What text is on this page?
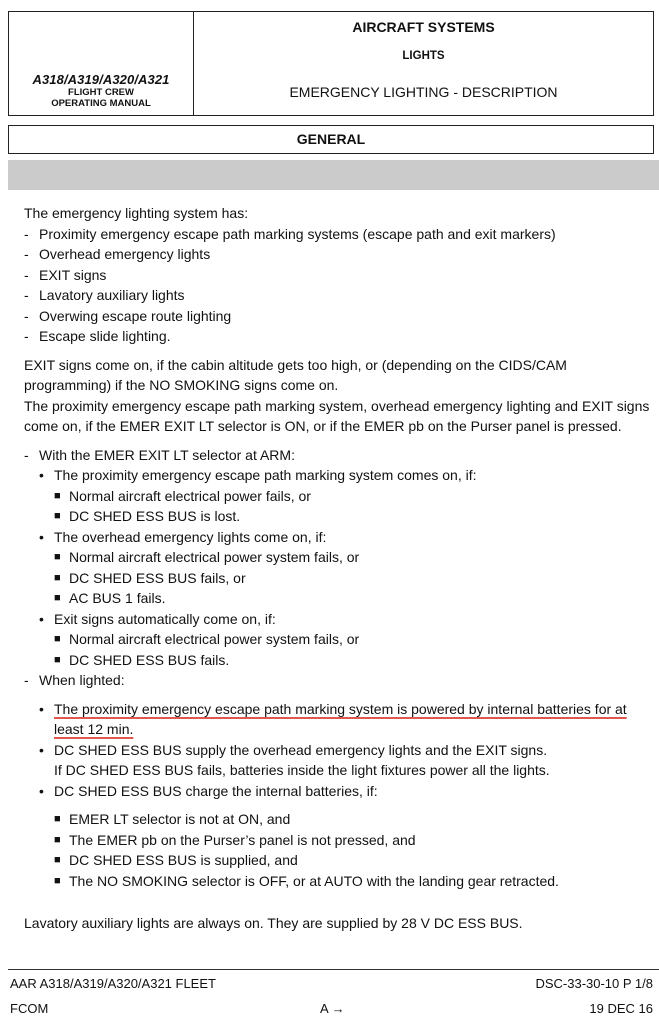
A318/A319/A320/A321
FLIGHT CREW
OPERATING MANUAL
AIRCRAFT SYSTEMS
LIGHTS
EMERGENCY LIGHTING - DESCRIPTION
GENERAL

The emergency lighting system has:

- Proximity emergency escape path marking systems (escape path and exit markers)

- Overhead emergency lights

- EXIT signs

- Lavatory auxiliary lights

- Overwing escape route lighting

- Escape slide lighting.

EXIT signs come on, if the cabin altitude gets too high, or (depending on the CIDS/CAM

programming) if the NO SMOKING signs come on.

The proximity emergency escape path marking system, overhead emergency lighting and EXIT signs

come on, if the EMER EXIT LT selector is ON, or if the EMER pb on the Purser panel is pressed.

- With the EMER EXIT LT selector at ARM:

• The proximity emergency escape path marking system comes on, if:

■ Normal aircraft electrical power fails, or

■ DC SHED ESS BUS is lost.

• The overhead emergency lights come on, if:

■ Normal aircraft electrical power system fails, or

■ DC SHED ESS BUS fails, or

■ AC BUS 1 fails.

• Exit signs automatically come on, if:

■ Normal aircraft electrical power system fails, or

■ DC SHED ESS BUS fails.

- When lighted:

• The proximity emergency escape path marking system is powered by internal batteries for at

least 12 min.

• DC SHED ESS BUS supply the overhead emergency lights and the EXIT signs.

If DC SHED ESS BUS fails, batteries inside the light fixtures power all the lights.

• DC SHED ESS BUS charge the internal batteries, if:

■ EMER LT selector is not at ON, and

■ The EMER pb on the Purser’s panel is not pressed, and

■ DC SHED ESS BUS is supplied, and

■ The NO SMOKING selector is OFF, or at AUTO with the landing gear retracted.

Lavatory auxiliary lights are always on. They are supplied by 28 V DC ESS BUS.

AAR A318/A319/A320/A321 FLEET	DSC-33-30-10 P 1/8
FCOM	A →	19 DEC 16
